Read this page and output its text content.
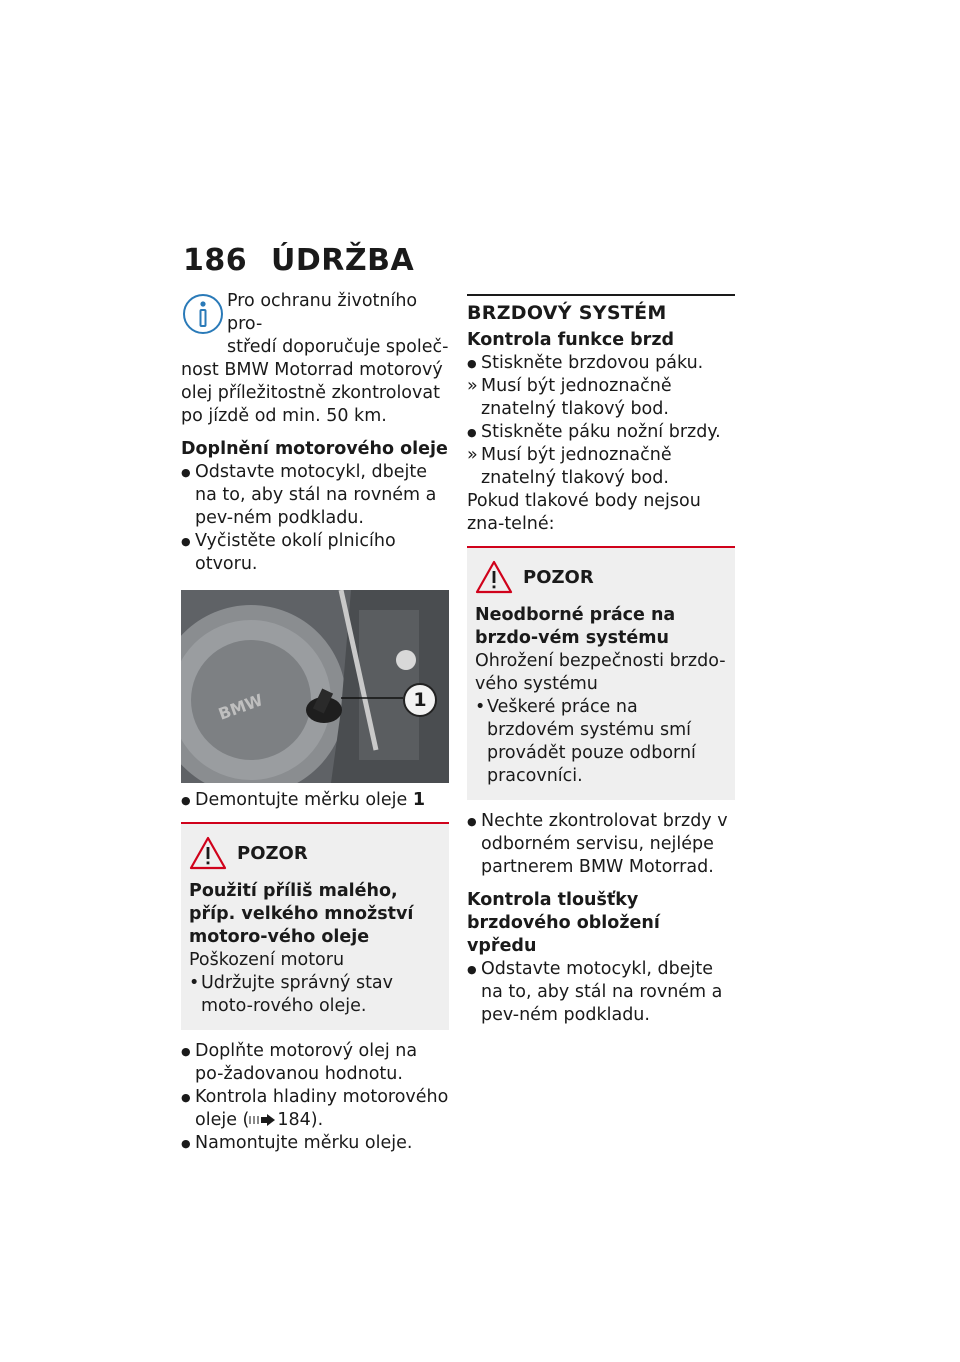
186 ÚDRŽBA

Pro ochranu životního pro-

středí doporučuje společ-

nost BMW Motorrad motorový olej příležitostně zkontrolovat po jízdě od min. 50 km.

Doplnění motorového oleje

● Odstavte motocykl, dbejte na to, aby stál na rovném a pev-ném podkladu.
● Vyčistěte okolí plnicího otvoru.
BMW	1
● Demontujte měrku oleje 1
POZOR

Použití příliš malého, příp. velkého množství motoro-vého oleje

Poškození motoru

• Udržujte správný stav moto-rového oleje.
● Doplňte motorový olej na po-žadovanou hodnotu.
● Kontrola hladiny motorového

oleje ( 184).

● Namontujte měrku oleje.

BRZDOVÝ SYSTÉM

Kontrola funkce brzd

● Stiskněte brzdovou páku.
» Musí být jednoznačně znatelný tlakový bod.
● Stiskněte páku nožní brzdy.
» Musí být jednoznačně znatelný tlakový bod.

Pokud tlakové body nejsou zna-telné:

POZOR

Neodborné práce na brzdo-vém systému

Ohrožení bezpečnosti brzdo-vého systému

• Veškeré práce na brzdovém systému smí provádět pouze odborní pracovníci.
● Nechte zkontrolovat brzdy v odborném servisu, nejlépe partnerem BMW Motorrad.

Kontrola tloušťky brzdového obložení vpředu

● Odstavte motocykl, dbejte na to, aby stál na rovném a pev-ném podkladu.
